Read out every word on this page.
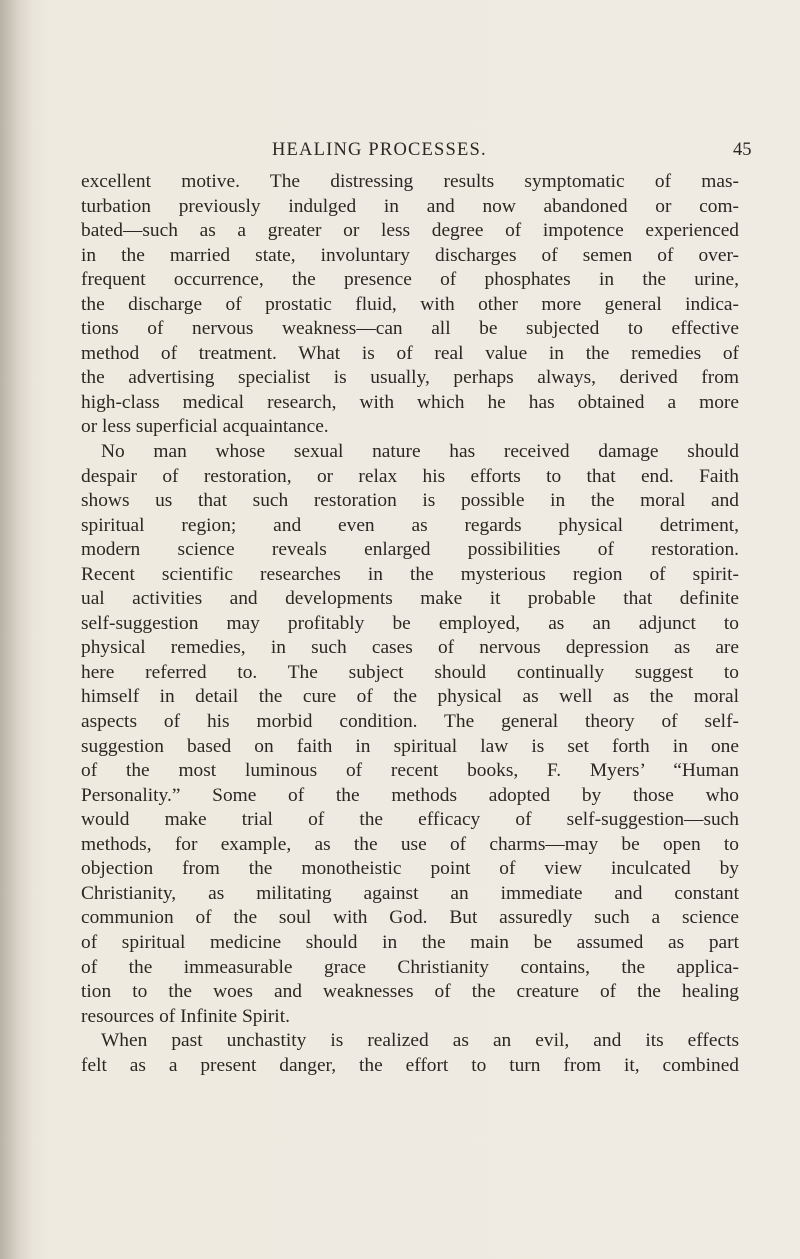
HEALING PROCESSES.	45
excellent motive. The distressing results symptomatic of mas-
turbation previously indulged in and now abandoned or com-
bated—such as a greater or less degree of impotence experienced
in the married state, involuntary discharges of semen of over-
frequent occurrence, the presence of phosphates in the urine,
the discharge of prostatic fluid, with other more general indica-
tions of nervous weakness—can all be subjected to effective
method of treatment. What is of real value in the remedies of
the advertising specialist is usually, perhaps always, derived from
high-class medical research, with which he has obtained a more
or less superficial acquaintance.
No man whose sexual nature has received damage should
despair of restoration, or relax his efforts to that end. Faith
shows us that such restoration is possible in the moral and
spiritual region; and even as regards physical detriment,
modern science reveals enlarged possibilities of restoration.
Recent scientific researches in the mysterious region of spirit-
ual activities and developments make it probable that definite
self-suggestion may profitably be employed, as an adjunct to
physical remedies, in such cases of nervous depression as are
here referred to. The subject should continually suggest to
himself in detail the cure of the physical as well as the moral
aspects of his morbid condition. The general theory of self-
suggestion based on faith in spiritual law is set forth in one
of the most luminous of recent books, F. Myers’ “Human
Personality.” Some of the methods adopted by those who
would make trial of the efficacy of self-suggestion—such
methods, for example, as the use of charms—may be open to
objection from the monotheistic point of view inculcated by
Christianity, as militating against an immediate and constant
communion of the soul with God. But assuredly such a science
of spiritual medicine should in the main be assumed as part
of the immeasurable grace Christianity contains, the applica-
tion to the woes and weaknesses of the creature of the healing
resources of Infinite Spirit.
When past unchastity is realized as an evil, and its effects
felt as a present danger, the effort to turn from it, combined
